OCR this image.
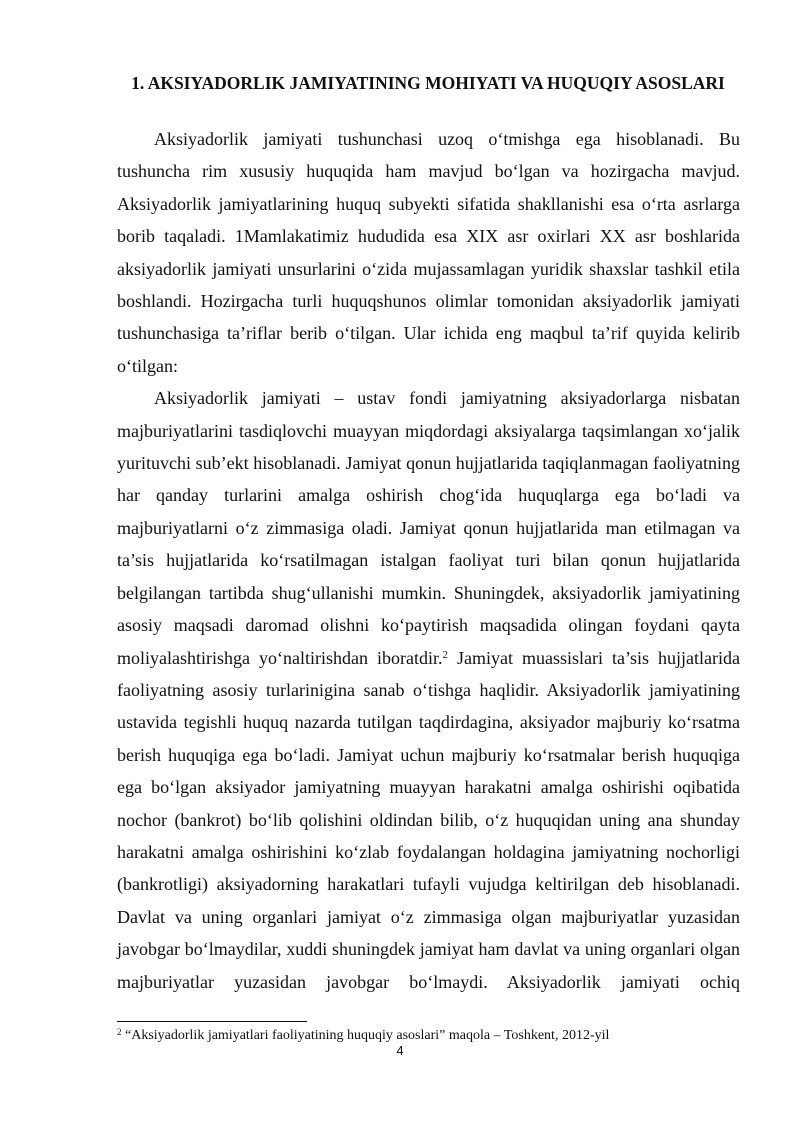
1. AKSIYADORLIK JAMIYATINING MOHIYATI VA HUQUQIY ASOSLARI

Aksiyadorlik jamiyati tushunchasi uzoq o‘tmishga ega hisoblanadi. Bu tushuncha rim xususiy huquqida ham mavjud bo‘lgan va hozirgacha mavjud. Aksiyadorlik jamiyatlarining huquq subyekti sifatida shakllanishi esa o‘rta asrlarga borib taqaladi. 1Mamlakatimiz hududida esa XIX asr oxirlari XX asr boshlarida aksiyadorlik jamiyati unsurlarini o‘zida mujassamlagan yuridik shaxslar tashkil etila boshlandi. Hozirgacha turli huquqshunos olimlar tomonidan aksiyadorlik jamiyati tushunchasiga ta’riflar berib o‘tilgan. Ular ichida eng maqbul ta’rif quyida kelirib o‘tilgan:

Aksiyadorlik jamiyati – ustav fondi jamiyatning aksiyadorlarga nisbatan majburiyatlarini tasdiqlovchi muayyan miqdordagi aksiyalarga taqsimlangan xo‘jalik yurituvchi sub’ekt hisoblanadi. Jamiyat qonun hujjatlarida taqiqlanmagan faoliyatning har qanday turlarini amalga oshirish chog‘ida huquqlarga ega bo‘ladi va majburiyatlarni o‘z zimmasiga oladi. Jamiyat qonun hujjatlarida man etilmagan va ta’sis hujjatlarida ko‘rsatilmagan istalgan faoliyat turi bilan qonun hujjatlarida belgilangan tartibda shug‘ullanishi mumkin. Shuningdek, aksiyadorlik jamiyatining asosiy maqsadi daromad olishni ko‘paytirish maqsadida olingan foydani qayta moliyalashtirishga yo‘naltirishdan iboratdir.$^2$ Jamiyat muassislari ta’sis hujjatlarida faoliyatning asosiy turlarinigina sanab o‘tishga haqlidir. Aksiyadorlik jamiyatining ustavida tegishli huquq nazarda tutilgan taqdirdagina, aksiyador majburiy ko‘rsatma berish huquqiga ega bo‘ladi. Jamiyat uchun majburiy ko‘rsatmalar berish huquqiga ega bo‘lgan aksiyador jamiyatning muayyan harakatni amalga oshirishi oqibatida nochor (bankrot) bo‘lib qolishini oldindan bilib, o‘z huquqidan uning ana shunday harakatni amalga oshirishini ko‘zlab foydalangan holdagina jamiyatning nochorligi (bankrotligi) aksiyadorning harakatlari tufayli vujudga keltirilgan deb hisoblanadi. Davlat va uning organlari jamiyat o‘z zimmasiga olgan majburiyatlar yuzasidan javobgar bo‘lmaydilar, xuddi shuningdek jamiyat ham davlat va uning organlari olgan majburiyatlar yuzasidan javobgar bo‘lmaydi. Aksiyadorlik jamiyati ochiq

$^2$ “Aksiyadorlik jamiyatlari faoliyatining huquqiy asoslari” maqola – Toshkent, 2012-yil
4
